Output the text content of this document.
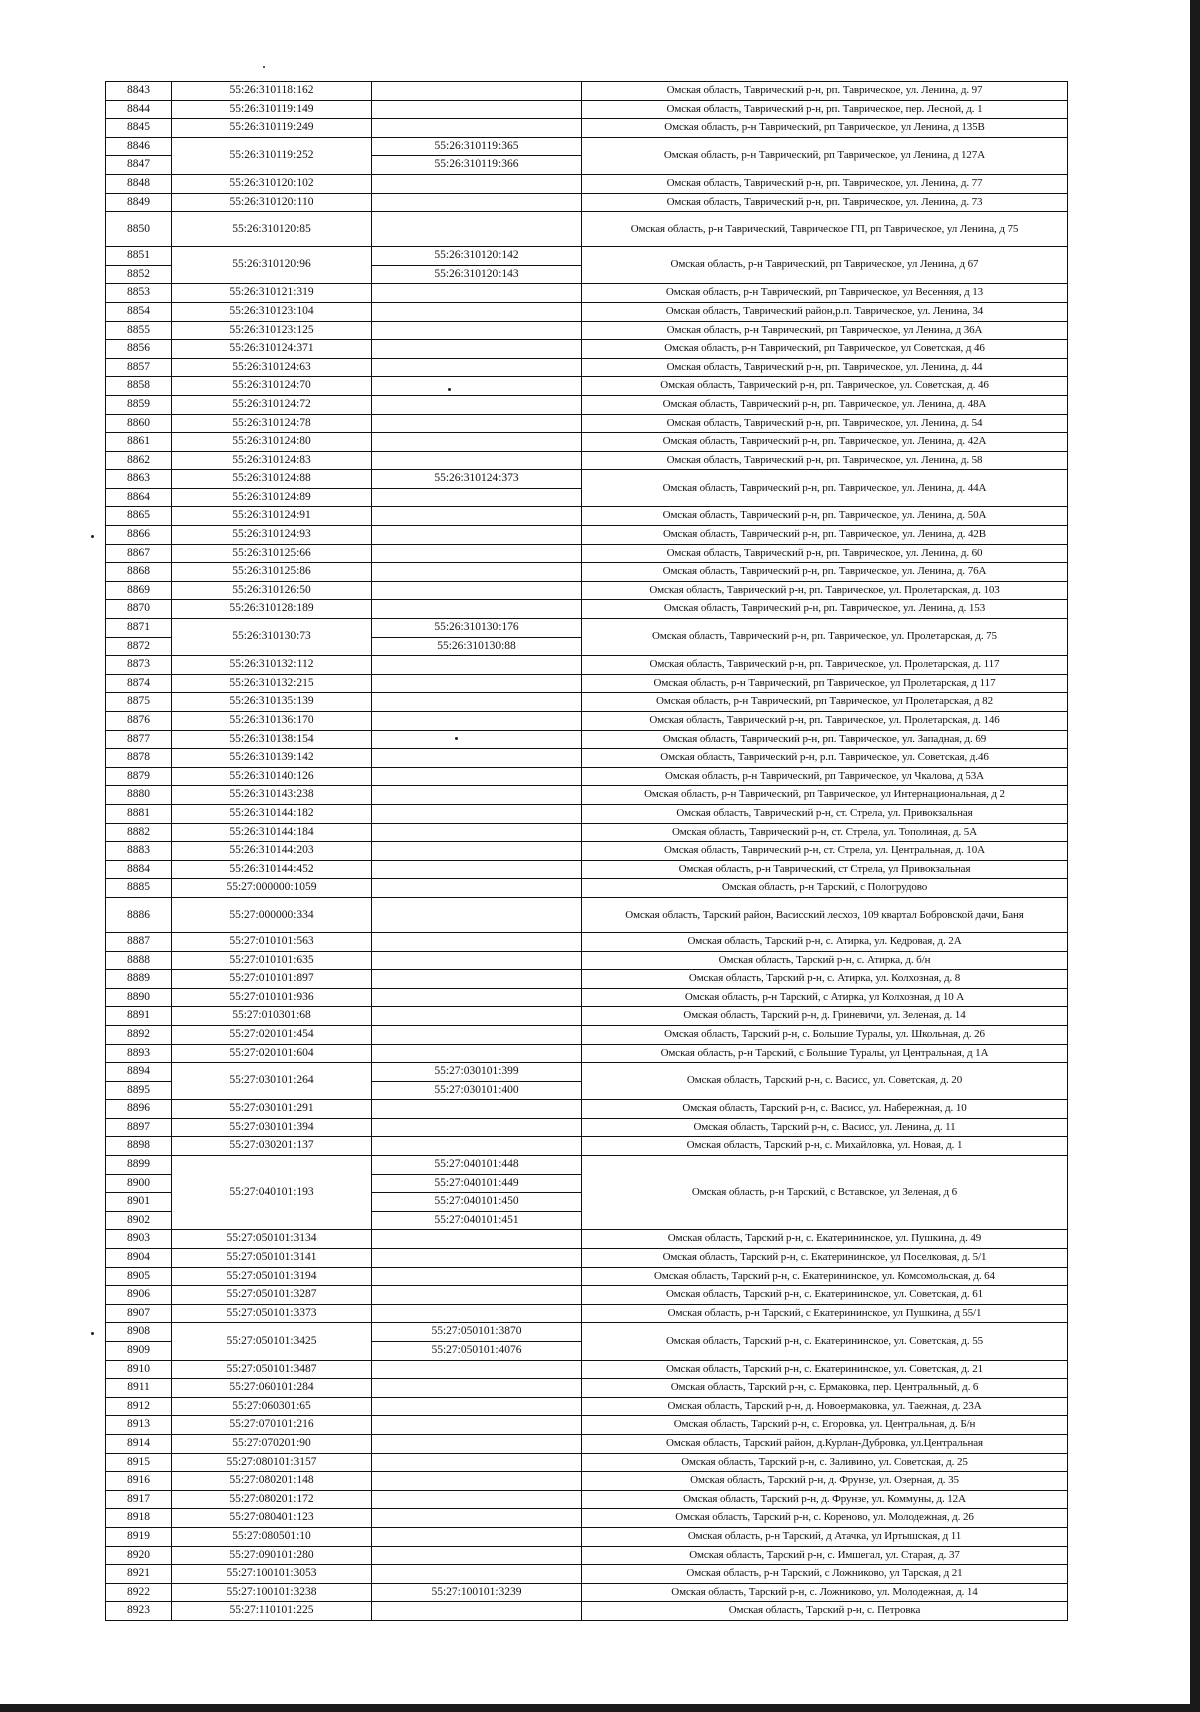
8843	55:26:310118:162		Омская область, Таврический р-н, рп. Таврическое, ул. Ленина, д. 97
8844	55:26:310119:149		Омская область, Таврический р-н, рп. Таврическое, пер. Лесной, д. 1
8845	55:26:310119:249		Омская область, р-н Таврический, рп Таврическое, ул Ленина, д 135В
8846	55:26:310119:252	55:26:310119:365	Омская область, р-н Таврический, рп Таврическое, ул Ленина, д 127А
8847		55:26:310119:366	
8848	55:26:310120:102		Омская область, Таврический р-н, рп. Таврическое, ул. Ленина, д. 77
8849	55:26:310120:110		Омская область, Таврический р-н, рп. Таврическое, ул. Ленина, д. 73
8850	55:26:310120:85		Омская область, р-н Таврический, Таврическое ГП, рп Таврическое, ул Ленина, д 75
8851	55:26:310120:96	55:26:310120:142	Омская область, р-н Таврический, рп Таврическое, ул Ленина, д 67
8852		55:26:310120:143	
8853	55:26:310121:319		Омская область, р-н Таврический, рп Таврическое, ул Весенняя, д 13
8854	55:26:310123:104		Омская область, Таврический район,р.п. Таврическое, ул. Ленина, 34
8855	55:26:310123:125		Омская область, р-н Таврический, рп Таврическое, ул Ленина, д 36А
8856	55:26:310124:371		Омская область, р-н Таврический, рп Таврическое, ул Советская, д 46
8857	55:26:310124:63		Омская область, Таврический р-н, рп. Таврическое, ул. Ленина, д. 44
8858	55:26:310124:70		Омская область, Таврический р-н, рп. Таврическое, ул. Советская, д. 46
8859	55:26:310124:72		Омская область, Таврический р-н, рп. Таврическое, ул. Ленина, д. 48А
8860	55:26:310124:78		Омская область, Таврический р-н, рп. Таврическое, ул. Ленина, д. 54
8861	55:26:310124:80		Омская область, Таврический р-н, рп. Таврическое, ул. Ленина, д. 42А
8862	55:26:310124:83		Омская область, Таврический р-н, рп. Таврическое, ул. Ленина, д. 58
8863	55:26:310124:88	55:26:310124:373	Омская область, Таврический р-н, рп. Таврическое, ул. Ленина, д. 44А
8864	55:26:310124:89		
8865	55:26:310124:91		Омская область, Таврический р-н, рп. Таврическое, ул. Ленина, д. 50А
8866	55:26:310124:93		Омская область, Таврический р-н, рп. Таврическое, ул. Ленина, д. 42В
8867	55:26:310125:66		Омская область, Таврический р-н, рп. Таврическое, ул. Ленина, д. 60
8868	55:26:310125:86		Омская область, Таврический р-н, рп. Таврическое, ул. Ленина, д. 76А
8869	55:26:310126:50		Омская область, Таврический р-н, рп. Таврическое, ул. Пролетарская, д. 103
8870	55:26:310128:189		Омская область, Таврический р-н, рп. Таврическое, ул. Ленина, д. 153
8871	55:26:310130:73	55:26:310130:176	Омская область, Таврический р-н, рп. Таврическое, ул. Пролетарская, д. 75
8872		55:26:310130:88	
8873	55:26:310132:112		Омская область, Таврический р-н, рп. Таврическое, ул. Пролетарская, д. 117
8874	55:26:310132:215		Омская область, р-н Таврический, рп Таврическое, ул Пролетарская, д 117
8875	55:26:310135:139		Омская область, р-н Таврический, рп Таврическое, ул Пролетарская, д 82
8876	55:26:310136:170		Омская область, Таврический р-н, рп. Таврическое, ул. Пролетарская, д. 146
8877	55:26:310138:154		Омская область, Таврический р-н, рп. Таврическое, ул. Западная, д. 69
8878	55:26:310139:142		Омская область, Таврический р-н, р.п. Таврическое, ул. Советская, д.46
8879	55:26:310140:126		Омская область, р-н Таврический, рп Таврическое, ул Чкалова, д 53А
8880	55:26:310143:238		Омская область, р-н Таврический, рп Таврическое, ул Интернациональная, д 2
8881	55:26:310144:182		Омская область, Таврический р-н, ст. Стрела, ул. Привокзальная
8882	55:26:310144:184		Омская область, Таврический р-н, ст. Стрела, ул. Тополиная, д. 5А
8883	55:26:310144:203		Омская область, Таврический р-н, ст. Стрела, ул. Центральная, д. 10А
8884	55:26:310144:452		Омская область, р-н Таврический, ст Стрела, ул Привокзальная
8885	55:27:000000:1059		Омская область, р-н Тарский, с Пологрудово
8886	55:27:000000:334		Омская область, Тарский район, Васисский лесхоз, 109 квартал Бобровской дачи, Баня
8887	55:27:010101:563		Омская область, Тарский р-н, с. Атирка, ул. Кедровая, д. 2А
8888	55:27:010101:635		Омская область, Тарский р-н, с. Атирка, д. б/н
8889	55:27:010101:897		Омская область, Тарский р-н, с. Атирка, ул. Колхозная, д. 8
8890	55:27:010101:936		Омская область, р-н Тарский, с Атирка, ул Колхозная, д 10 А
8891	55:27:010301:68		Омская область, Тарский р-н, д. Гриневичи, ул. Зеленая, д. 14
8892	55:27:020101:454		Омская область, Тарский р-н, с. Большие Туралы, ул. Школьная, д. 26
8893	55:27:020101:604		Омская область, р-н Тарский, с Большие Туралы, ул Центральная, д 1А
8894	55:27:030101:264	55:27:030101:399	Омская область, Тарский р-н, с. Васисс, ул. Советская, д. 20
8895		55:27:030101:400	
8896	55:27:030101:291		Омская область, Тарский р-н, с. Васисс, ул. Набережная, д. 10
8897	55:27:030101:394		Омская область, Тарский р-н, с. Васисс, ул. Ленина, д. 11
8898	55:27:030201:137		Омская область, Тарский р-н, с. Михайловка, ул. Новая, д. 1
8899	55:27:040101:193	55:27:040101:448	Омская область, р-н Тарский, с Вставское, ул Зеленая, д 6
8900		55:27:040101:449	
8901		55:27:040101:450	
8902		55:27:040101:451	
8903	55:27:050101:3134		Омская область, Тарский р-н, с. Екатерининское, ул. Пушкина, д. 49
8904	55:27:050101:3141		Омская область, Тарский р-н, с. Екатерининское, ул Поселковая, д. 5/1
8905	55:27:050101:3194		Омская область, Тарский р-н, с. Екатерининское, ул. Комсомольская, д. 64
8906	55:27:050101:3287		Омская область, Тарский р-н, с. Екатерининское, ул. Советская, д. 61
8907	55:27:050101:3373		Омская область, р-н Тарский, с Екатерининское, ул Пушкина, д 55/1
8908	55:27:050101:3425	55:27:050101:3870	Омская область, Тарский р-н, с. Екатерининское, ул. Советская, д. 55
8909		55:27:050101:4076	
8910	55:27:050101:3487		Омская область, Тарский р-н, с. Екатерининское, ул. Советская, д. 21
8911	55:27:060101:284		Омская область, Тарский р-н, с. Ермаковка, пер. Центральный, д. 6
8912	55:27:060301:65		Омская область, Тарский р-н, д. Новоермаковка, ул. Таежная, д. 23А
8913	55:27:070101:216		Омская область, Тарский р-н, с. Егоровка, ул. Центральная, д. Б/н
8914	55:27:070201:90		Омская область, Тарский район, д.Курлан-Дубровка, ул.Центральная
8915	55:27:080101:3157		Омская область, Тарский р-н, с. Заливино, ул. Советская, д. 25
8916	55:27:080201:148		Омская область, Тарский р-н, д. Фрунзе, ул. Озерная, д. 35
8917	55:27:080201:172		Омская область, Тарский р-н, д. Фрунзе, ул. Коммуны, д. 12А
8918	55:27:080401:123		Омская область, Тарский р-н, с. Кореново, ул. Молодежная, д. 26
8919	55:27:080501:10		Омская область, р-н Тарский, д Атачка, ул Иртышская, д 11
8920	55:27:090101:280		Омская область, Тарский р-н, с. Имшегал, ул. Старая, д. 37
8921	55:27:100101:3053		Омская область, р-н Тарский, с Ложниково, ул Тарская, д 21
8922	55:27:100101:3238	55:27:100101:3239	Омская область, Тарский р-н, с. Ложниково, ул. Молодежная, д. 14
8923	55:27:110101:225		Омская область, Тарский р-н, с. Петровка
